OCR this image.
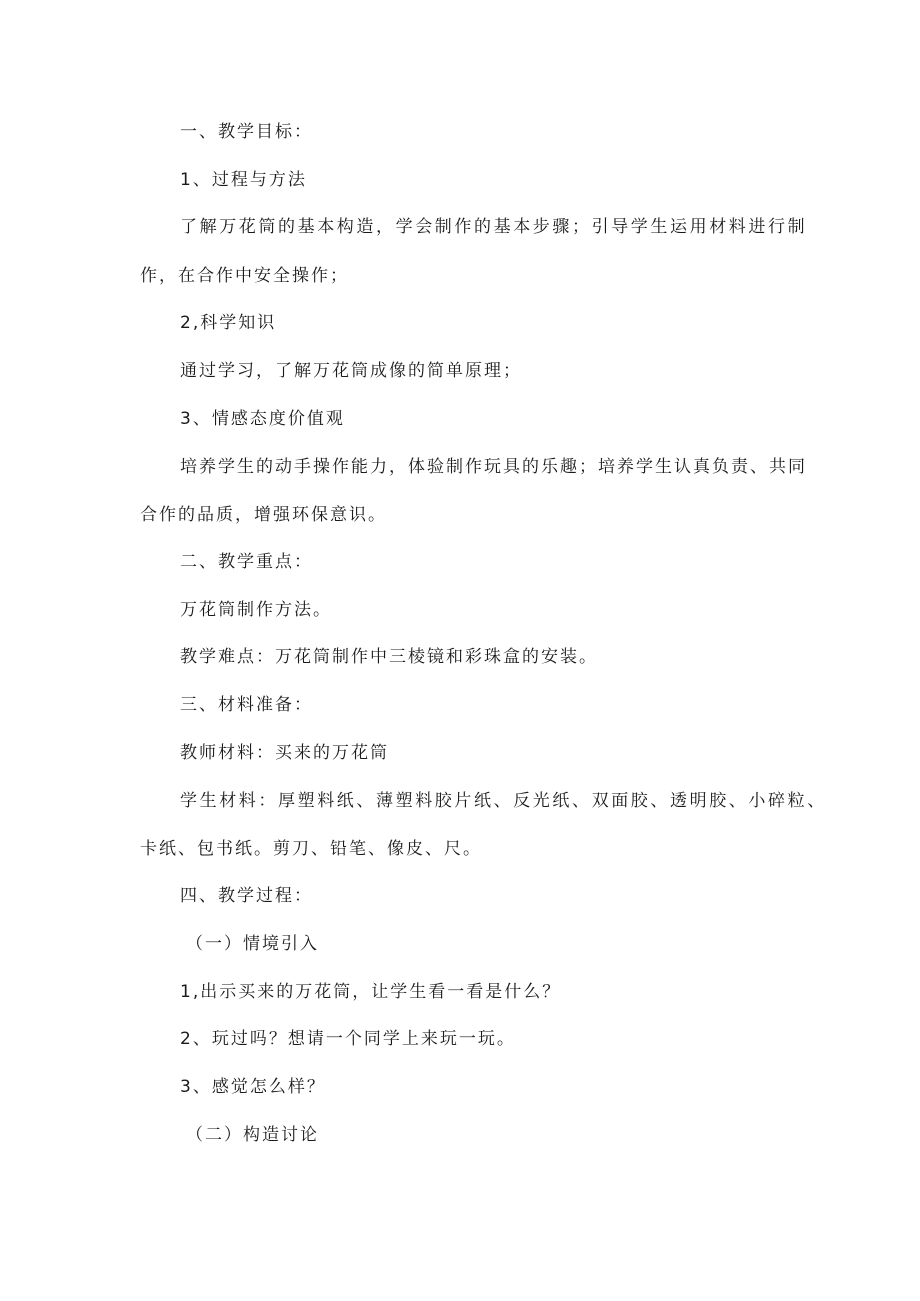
一、教学目标：
1、过程与方法
了解万花筒的基本构造，学会制作的基本步骤；引导学生运用材料进行制
作，在合作中安全操作；
2,科学知识
通过学习，了解万花筒成像的简单原理；
3、情感态度价值观
培养学生的动手操作能力，体验制作玩具的乐趣；培养学生认真负责、共同
合作的品质，增强环保意识。
二、教学重点：
万花筒制作方法。
教学难点：万花筒制作中三棱镜和彩珠盒的安装。
三、材料准备：
教师材料：买来的万花筒
学生材料：厚塑料纸、薄塑料胶片纸、反光纸、双面胶、透明胶、小碎粒、
卡纸、包书纸。剪刀、铅笔、像皮、尺。
四、教学过程：
（一）情境引入
1,出示买来的万花筒，让学生看一看是什么？
2、玩过吗？想请一个同学上来玩一玩。
3、感觉怎么样？
（二）构造讨论
